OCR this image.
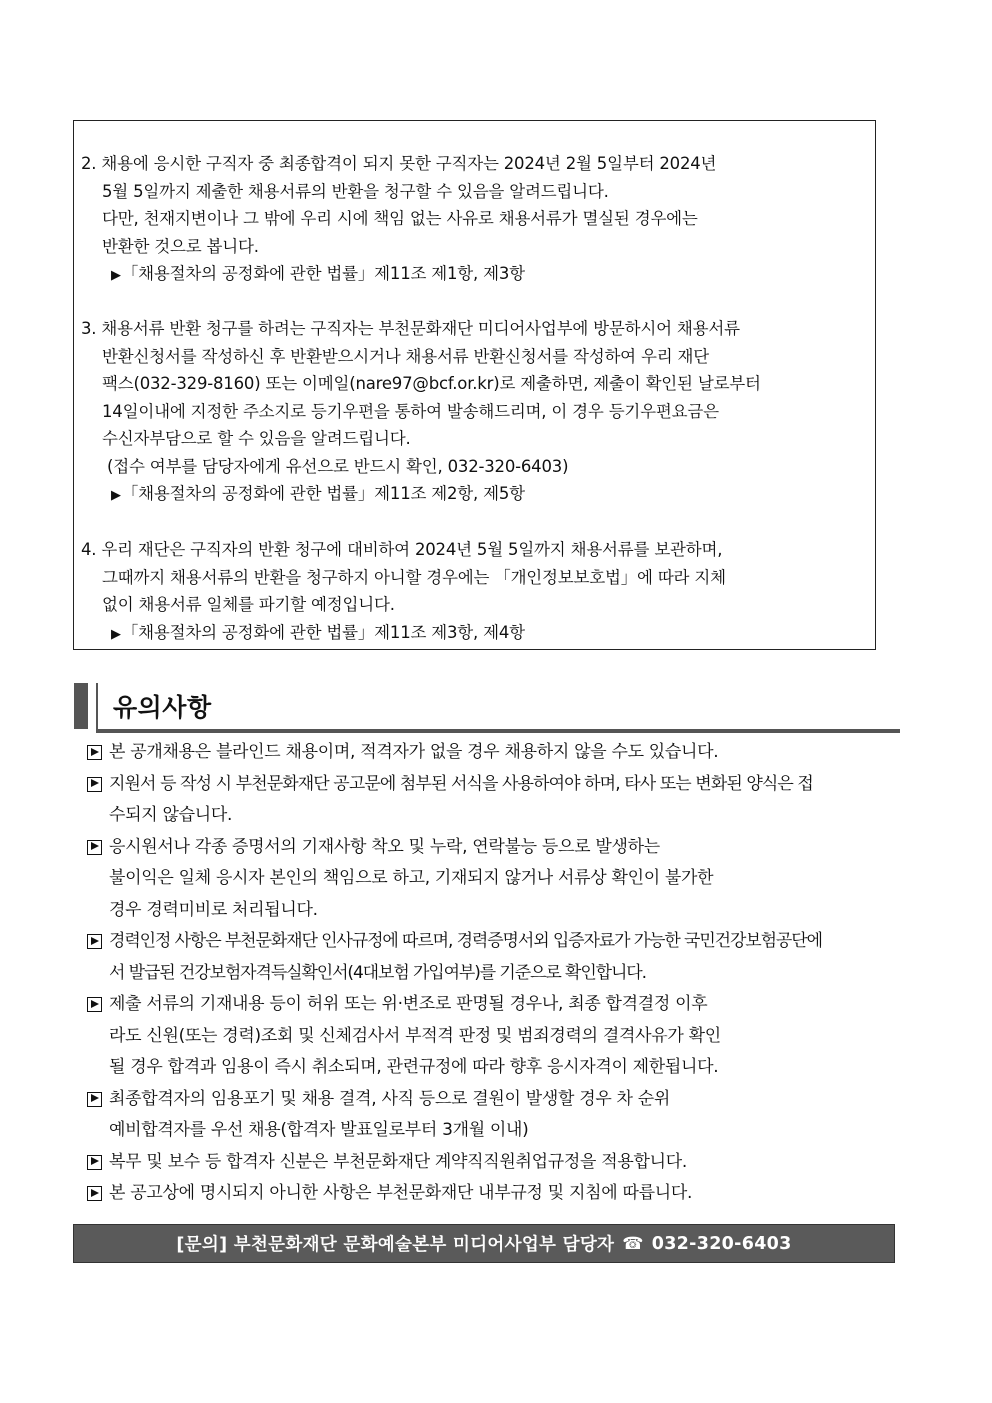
2. 채용에 응시한 구직자 중 최종합격이 되지 못한 구직자는 2024년 2월 5일부터 2024년

5월 5일까지 제출한 채용서류의 반환을 청구할 수 있음을 알려드립니다.

다만, 천재지변이나 그 밖에 우리 시에 책임 없는 사유로 채용서류가 멸실된 경우에는

반환한 것으로 봅니다.

▶「채용절차의 공정화에 관한 법률」제11조 제1항, 제3항

3. 채용서류 반환 청구를 하려는 구직자는 부천문화재단 미디어사업부에 방문하시어 채용서류

반환신청서를 작성하신 후 반환받으시거나 채용서류 반환신청서를 작성하여 우리 재단

팩스(032-329-8160) 또는 이메일(nare97@bcf.or.kr)로 제출하면, 제출이 확인된 날로부터

14일이내에 지정한 주소지로 등기우편을 통하여 발송해드리며, 이 경우 등기우편요금은

수신자부담으로 할 수 있음을 알려드립니다.

(접수 여부를 담당자에게 유선으로 반드시 확인, 032-320-6403)

▶「채용절차의 공정화에 관한 법률」제11조 제2항, 제5항

4. 우리 재단은 구직자의 반환 청구에 대비하여 2024년 5월 5일까지 채용서류를 보관하며,

그때까지 채용서류의 반환을 청구하지 아니할 경우에는 「개인정보보호법」에 따라 지체

없이 채용서류 일체를 파기할 예정입니다.

▶「채용절차의 공정화에 관한 법률」제11조 제3항, 제4항

유의사항

본 공개채용은 블라인드 채용이며, 적격자가 없을 경우 채용하지 않을 수도 있습니다.

지원서 등 작성 시 부천문화재단 공고문에 첨부된 서식을 사용하여야 하며, 타사 또는 변화된 양식은 접

수되지 않습니다.

응시원서나 각종 증명서의 기재사항 착오 및 누락, 연락불능 등으로 발생하는

불이익은 일체 응시자 본인의 책임으로 하고, 기재되지 않거나 서류상 확인이 불가한

경우 경력미비로 처리됩니다.

경력인정 사항은 부천문화재단 인사규정에 따르며, 경력증명서외 입증자료가 가능한 국민건강보험공단에

서 발급된 건강보험자격득실확인서(4대보험 가입여부)를 기준으로 확인합니다.

제출 서류의 기재내용 등이 허위 또는 위·변조로 판명될 경우나, 최종 합격결정 이후

라도 신원(또는 경력)조회 및 신체검사서 부적격 판정 및 범죄경력의 결격사유가 확인

될 경우 합격과 임용이 즉시 취소되며, 관련규정에 따라 향후 응시자격이 제한됩니다.

최종합격자의 임용포기 및 채용 결격, 사직 등으로 결원이 발생할 경우 차 순위

예비합격자를 우선 채용(합격자 발표일로부터 3개월 이내)

복무 및 보수 등 합격자 신분은 부천문화재단 계약직직원취업규정을 적용합니다.

본 공고상에 명시되지 아니한 사항은 부천문화재단 내부규정 및 지침에 따릅니다.

[문의] 부천문화재단 문화예술본부 미디어사업부 담당자 ☎ 032-320-6403
